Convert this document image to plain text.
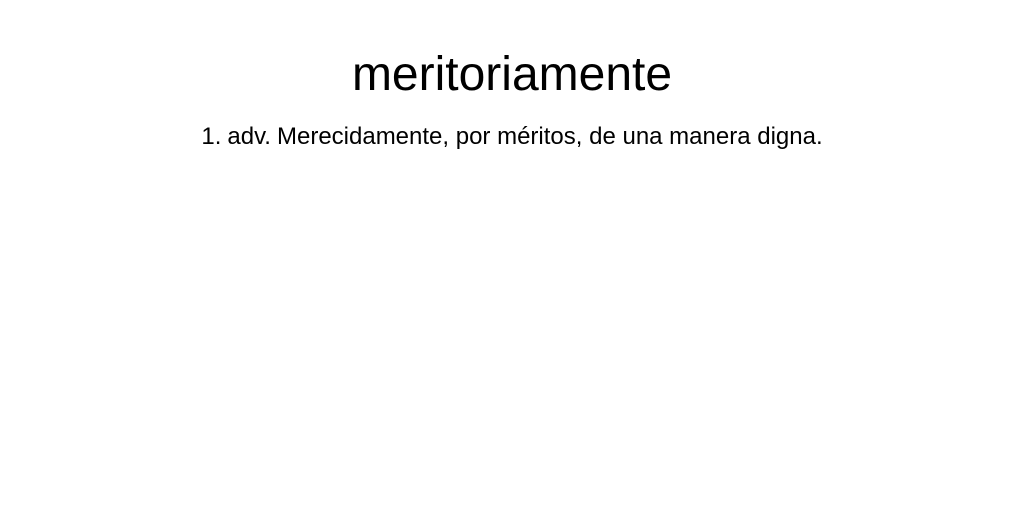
meritoriamente
1. adv. Merecidamente, por méritos, de una manera digna.
